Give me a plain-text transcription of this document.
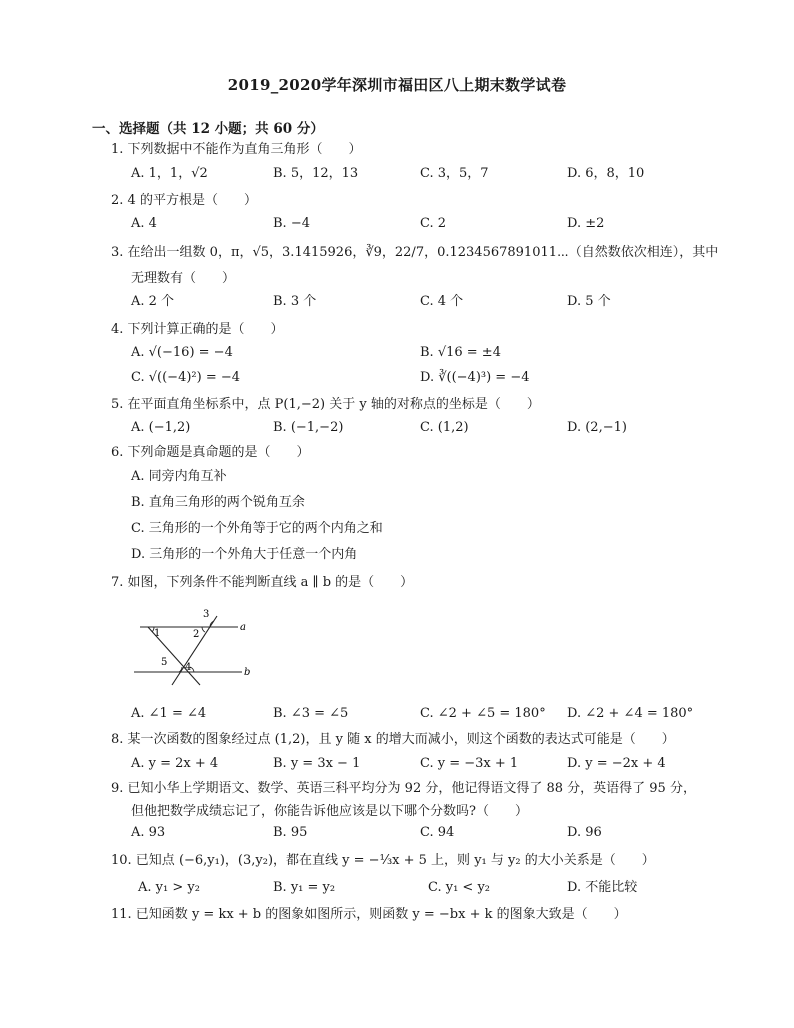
2019_2020学年深圳市福田区八上期末数学试卷
一、选择题（共 12 小题；共 60 分）
1. 下列数据中不能作为直角三角形（　　）
A. 1，1，√2	B. 5，12，13	C. 3，5，7	D. 6，8，10
2. 4 的平方根是（　　）
A. 4	B. −4	C. 2	D. ±2
3. 在给出一组数 0，π，√5，3.1415926，∛9，22/7，0.1234567891011⋯（自然数依次相连），其中
无理数有（　　）
A. 2 个	B. 3 个	C. 4 个	D. 5 个
4. 下列计算正确的是（　　）
A. √(−16) = −4	B. √16 = ±4
C. √((−4)²) = −4	D. ∛((−4)³) = −4
5. 在平面直角坐标系中，点 P(1,−2) 关于 y 轴的对称点的坐标是（　　）
A. (−1,2)	B. (−1,−2)	C. (1,2)	D. (2,−1)
6. 下列命题是真命题的是（　　）
A. 同旁内角互补
B. 直角三角形的两个锐角互余
C. 三角形的一个外角等于它的两个内角之和
D. 三角形的一个外角大于任意一个内角
7. 如图，下列条件不能判断直线 a ∥ b 的是（　　）
1	2
3
4
5
a
b
A. ∠1 = ∠4	B. ∠3 = ∠5	C. ∠2 + ∠5 = 180° D. ∠2 + ∠4 = 180°
8. 某一次函数的图象经过点 (1,2)，且 y 随 x 的增大而减小，则这个函数的表达式可能是（　　）
A. y = 2x + 4	B. y = 3x − 1	C. y = −3x + 1	D. y = −2x + 4
9. 已知小华上学期语文、数学、英语三科平均分为 92 分，他记得语文得了 88 分，英语得了 95 分，
但他把数学成绩忘记了，你能告诉他应该是以下哪个分数吗?（　　）
A. 93	B. 95	C. 94	D. 96
10. 已知点 (−6,y₁)，(3,y₂)，都在直线 y = −⅓x + 5 上，则 y₁ 与 y₂ 的大小关系是（　　）
A. y₁ > y₂	B. y₁ = y₂	C. y₁ < y₂	D. 不能比较
11. 已知函数 y = kx + b 的图象如图所示，则函数 y = −bx + k 的图象大致是（　　）
